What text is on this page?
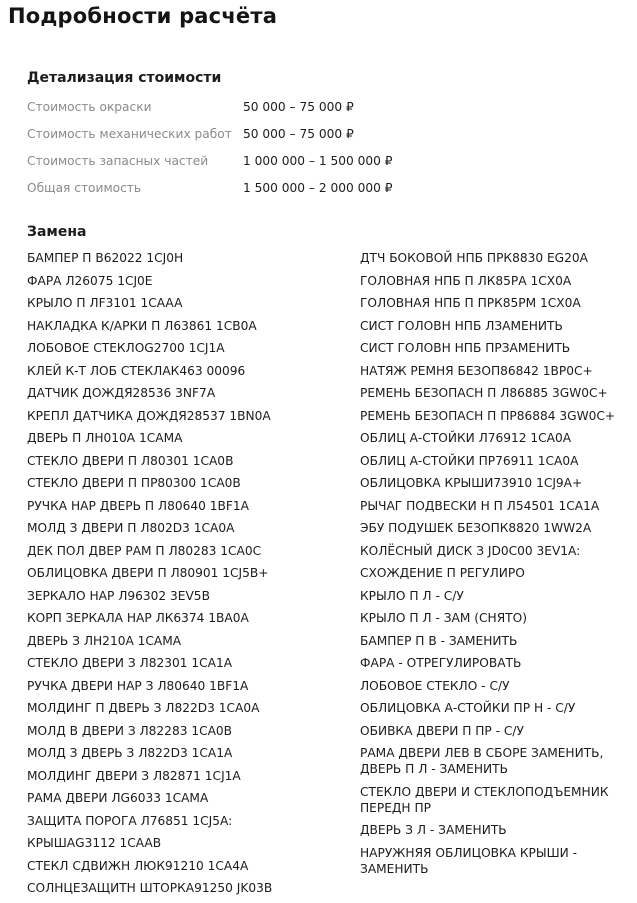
Подробности расчёта
Детализация стоимости
Стоимость окраски	50 000 – 75 000 ₽
Стоимость механических работ 50 000 – 75 000 ₽
Стоимость запасных частей	1 000 000 – 1 500 000 ₽
Общая стоимость	1 500 000 – 2 000 000 ₽
Замена
БАМПЕР П В62022 1CJ0H
ФАРА Л26075 1CJ0E
КРЫЛО П ЛF3101 1CAAA
НАКЛАДКА К/АРКИ П Л63861 1CB0A
ЛОБОВОЕ СТЕКЛОG2700 1CJ1A
КЛЕЙ К-Т ЛОБ СТЕКЛАК463 00096
ДАТЧИК ДОЖДЯ28536 3NF7A
КРЕПЛ ДАТЧИКА ДОЖДЯ28537 1BN0A
ДВЕРЬ П ЛН010А 1САМА
СТЕКЛО ДВЕРИ П Л80301 1CA0B
СТЕКЛО ДВЕРИ П ПР80300 1CA0B
РУЧКА НАР ДВЕРЬ П Л80640 1BF1A
МОЛД З ДВЕРИ П Л802D3 1CA0A
ДЕК ПОЛ ДВЕР РАМ П Л80283 1CA0C
ОБЛИЦОВКА ДВЕРИ П Л80901 1CJ5B+
ЗЕРКАЛО НАР Л96302 3EV5B
КОРП ЗЕРКАЛА НАР ЛК6374 1BA0A
ДВЕРЬ З ЛН210А 1САМА
СТЕКЛО ДВЕРИ З Л82301 1CA1A
РУЧКА ДВЕРИ НАР З Л80640 1BF1A
МОЛДИНГ П ДВЕРЬ З Л822D3 1CA0A
МОЛД В ДВЕРИ З Л82283 1CA0B
МОЛД З ДВЕРЬ З Л822D3 1CA1A
МОЛДИНГ ДВЕРИ З Л82871 1CJ1A
РАМА ДВЕРИ ЛG6033 1САМА
ЗАЩИТА ПОРОГА Л76851 1CJ5A:
КРЫШАG3112 1CAAB
СТЕКЛ СДВИЖН ЛЮК91210 1CA4A
СОЛНЦЕЗАЩИТН ШТОРКА91250 JK03B
ДТЧ БОКОВОЙ НПБ ПРК8830 EG20A
ГОЛОВНАЯ НПБ П ЛК85РА 1CX0A
ГОЛОВНАЯ НПБ П ПРК85РМ 1CX0A
СИСТ ГОЛОВН НПБ ЛЗАМЕНИТЬ
СИСТ ГОЛОВН НПБ ПРЗАМЕНИТЬ
НАТЯЖ РЕМНЯ БЕЗОП86842 1BP0C+
РЕМЕНЬ БЕЗОПАСН П Л86885 3GW0C+
РЕМЕНЬ БЕЗОПАСН П ПР86884 3GW0C+
ОБЛИЦ А-СТОЙКИ Л76912 1CA0A
ОБЛИЦ А-СТОЙКИ ПР76911 1CA0A
ОБЛИЦОВКА КРЫШИ73910 1CJ9A+
РЫЧАГ ПОДВЕСКИ Н П Л54501 1CA1A
ЭБУ ПОДУШЕК БЕЗОПК8820 1WW2A
КОЛЁСНЫЙ ДИСК З JD0C00 3EV1A:
СХОЖДЕНИЕ П РЕГУЛИРО
КРЫЛО П Л - С/У
КРЫЛО П Л - ЗАМ (СНЯТО)
БАМПЕР П В - ЗАМЕНИТЬ
ФАРА - ОТРЕГУЛИРОВАТЬ
ЛОБОВОЕ СТЕКЛО - С/У
ОБЛИЦОВКА А-СТОЙКИ ПР Н - С/У
ОБИВКА ДВЕРИ П ПР - С/У
РАМА ДВЕРИ ЛЕВ В СБОРЕ ЗАМЕНИТЬ, ДВЕРЬ П Л - ЗАМЕНИТЬ
СТЕКЛО ДВЕРИ И СТЕКЛОПОДЪЕМНИК ПЕРЕДН ПР
ДВЕРЬ З Л - ЗАМЕНИТЬ
НАРУЖНЯЯ ОБЛИЦОВКА КРЫШИ - ЗАМЕНИТЬ
